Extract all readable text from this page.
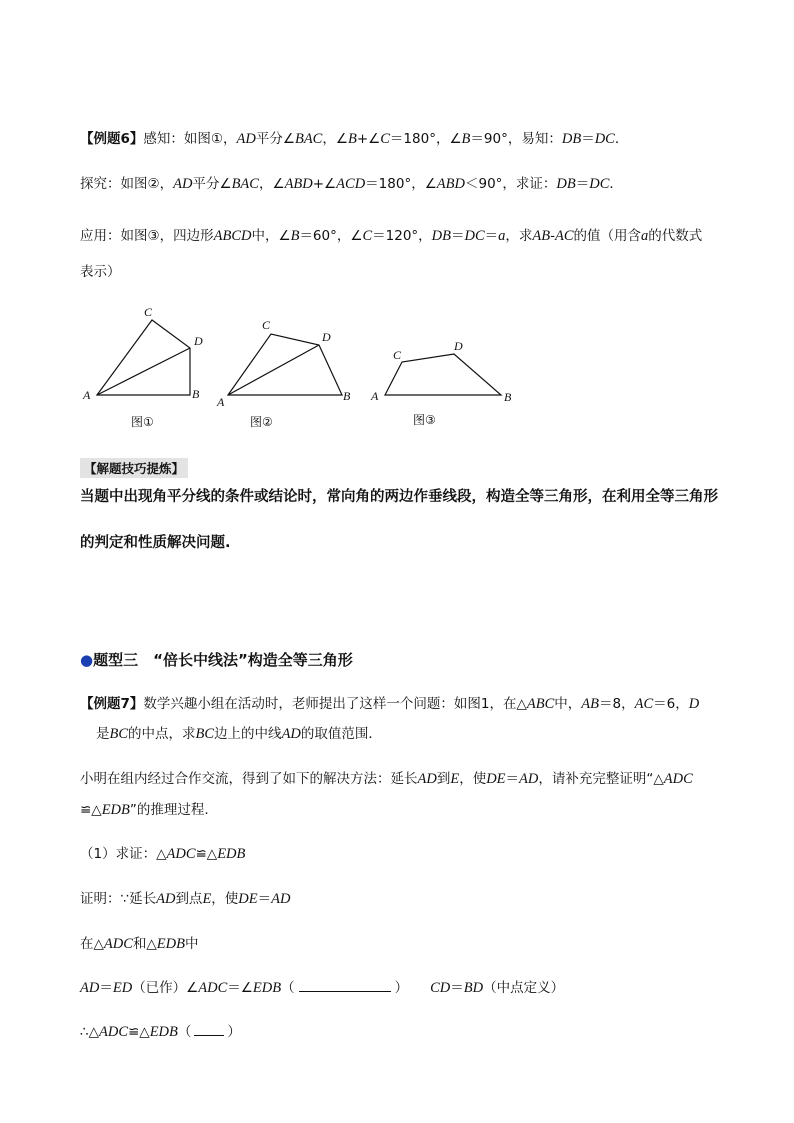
【例题6】感知：如图①，AD平分∠BAC，∠B+∠C＝180°，∠B＝90°，易知：DB＝DC．
探究：如图②，AD平分∠BAC，∠ABD+∠ACD＝180°，∠ABD＜90°，求证：DB＝DC．
应用：如图③，四边形ABCD中，∠B＝60°，∠C＝120°，DB＝DC＝a，求AB-AC的值（用含a的代数式
表示）
C
D
A	B
图①
C
D
A	B
图②
C
D
A	B
图③
【解题技巧提炼】
当题中出现角平分线的条件或结论时，常向角的两边作垂线段，构造全等三角形，在利用全等三角形
的判定和性质解决问题.
●题型三　“倍长中线法”构造全等三角形
【例题7】数学兴趣小组在活动时，老师提出了这样一个问题：如图1，在△ABC中，AB＝8，AC＝6，D
是BC的中点，求BC边上的中线AD的取值范围．
小明在组内经过合作交流，得到了如下的解决方法：延长AD到E，使DE＝AD，请补充完整证明“△ADC
≌△EDB”的推理过程.
（1）求证：△ADC≌△EDB
证明：∵延长AD到点E，使DE＝AD
在△ADC和△EDB中
AD＝ED（已作）∠ADC＝∠EDB（	） CD＝BD（中点定义）
∴△ADC≌△EDB（	）
